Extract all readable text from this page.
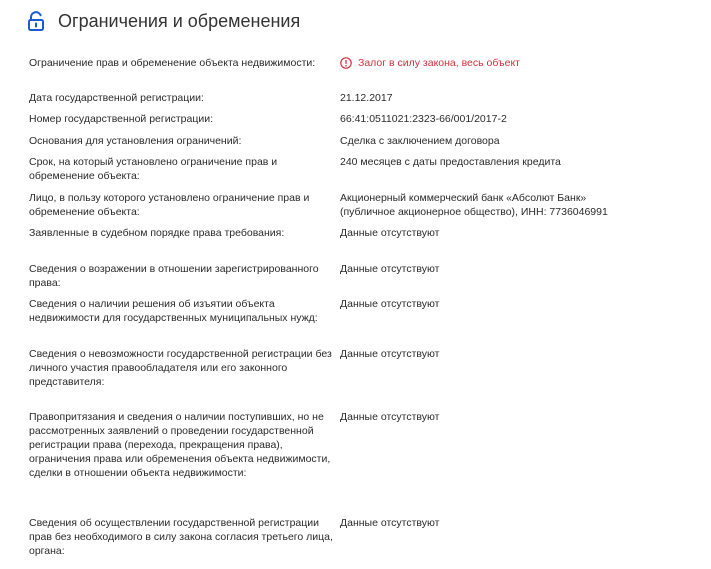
Ограничения и обременения
Ограничение прав и обременение объекта недвижимости:	Залог в силу закона, весь объект
Дата государственной регистрации:	21.12.2017
Номер государственной регистрации:	66:41:0511021:2323-66/001/2017-2
Основания для установления ограничений:	Сделка с заключением договора
Срок, на который установлено ограничение прав и обременение объекта:
240 месяцев с даты предоставления кредита
Лицо, в пользу которого установлено ограничение прав и обременение объекта:
Акционерный коммерческий банк «Абсолют Банк» (публичное акционерное общество), ИНН: 7736046991
Заявленные в судебном порядке права требования:	Данные отсутствуют
Сведения о возражении в отношении зарегистрированного права:
Данные отсутствуют
Сведения о наличии решения об изъятии объекта недвижимости для государственных муниципальных нужд:
Данные отсутствуют
Сведения о невозможности государственной регистрации без личного участия правообладателя или его законного представителя:
Данные отсутствуют
Правопритязания и сведения о наличии поступивших, но не рассмотренных заявлений о проведении государственной регистрации права (перехода, прекращения права), ограничения права или обременения объекта недвижимости, сделки в отношении объекта недвижимости:
Данные отсутствуют
Сведения об осуществлении государственной регистрации прав без необходимого в силу закона согласия третьего лица, органа:
Данные отсутствуют
